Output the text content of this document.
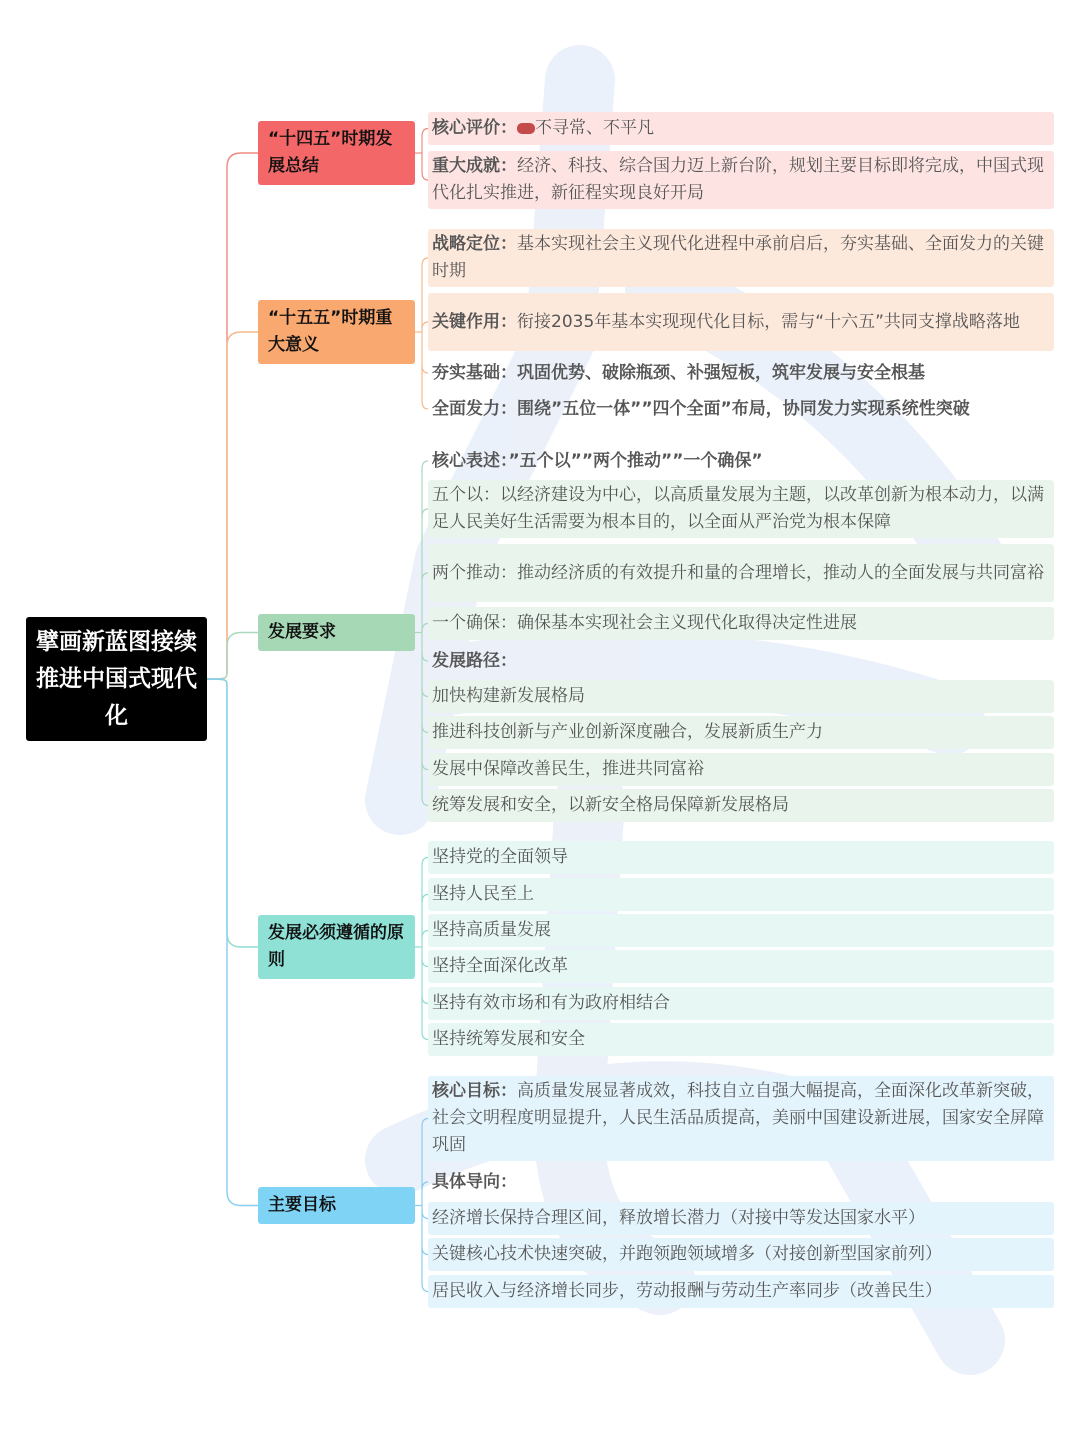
擘画新蓝图接续推进中国式现代化
“十四五”时期发展总结
核心评价： 不寻常、不平凡
重大成就：经济、科技、综合国力迈上新台阶，规划主要目标即将完成，中国式现代化扎实推进，新征程实现良好开局
“十五五”时期重大意义
战略定位：基本实现社会主义现代化进程中承前启后，夯实基础、全面发力的关键时期
关键作用：衔接2035年基本实现现代化目标，需与“十六五”共同支撑战略落地
夯实基础：巩固优势、破除瓶颈、补强短板，筑牢发展与安全根基
全面发力：围绕”五位一体””四个全面”布局，协同发力实现系统性突破
发展要求
核心表述：”五个以””两个推动””一个确保”
五个以：以经济建设为中心，以高质量发展为主题，以改革创新为根本动力，以满足人民美好生活需要为根本目的，以全面从严治党为根本保障
两个推动：推动经济质的有效提升和量的合理增长，推动人的全面发展与共同富裕
一个确保：确保基本实现社会主义现代化取得决定性进展
发展路径：
加快构建新发展格局
推进科技创新与产业创新深度融合，发展新质生产力
发展中保障改善民生，推进共同富裕
统筹发展和安全，以新安全格局保障新发展格局
发展必须遵循的原则
坚持党的全面领导
坚持人民至上
坚持高质量发展
坚持全面深化改革
坚持有效市场和有为政府相结合
坚持统筹发展和安全
主要目标
核心目标：高质量发展显著成效，科技自立自强大幅提高，全面深化改革新突破，社会文明程度明显提升，人民生活品质提高，美丽中国建设新进展，国家安全屏障巩固
具体导向：
经济增长保持合理区间，释放增长潜力（对接中等发达国家水平）
关键核心技术快速突破，并跑领跑领域增多（对接创新型国家前列）
居民收入与经济增长同步，劳动报酬与劳动生产率同步（改善民生）
